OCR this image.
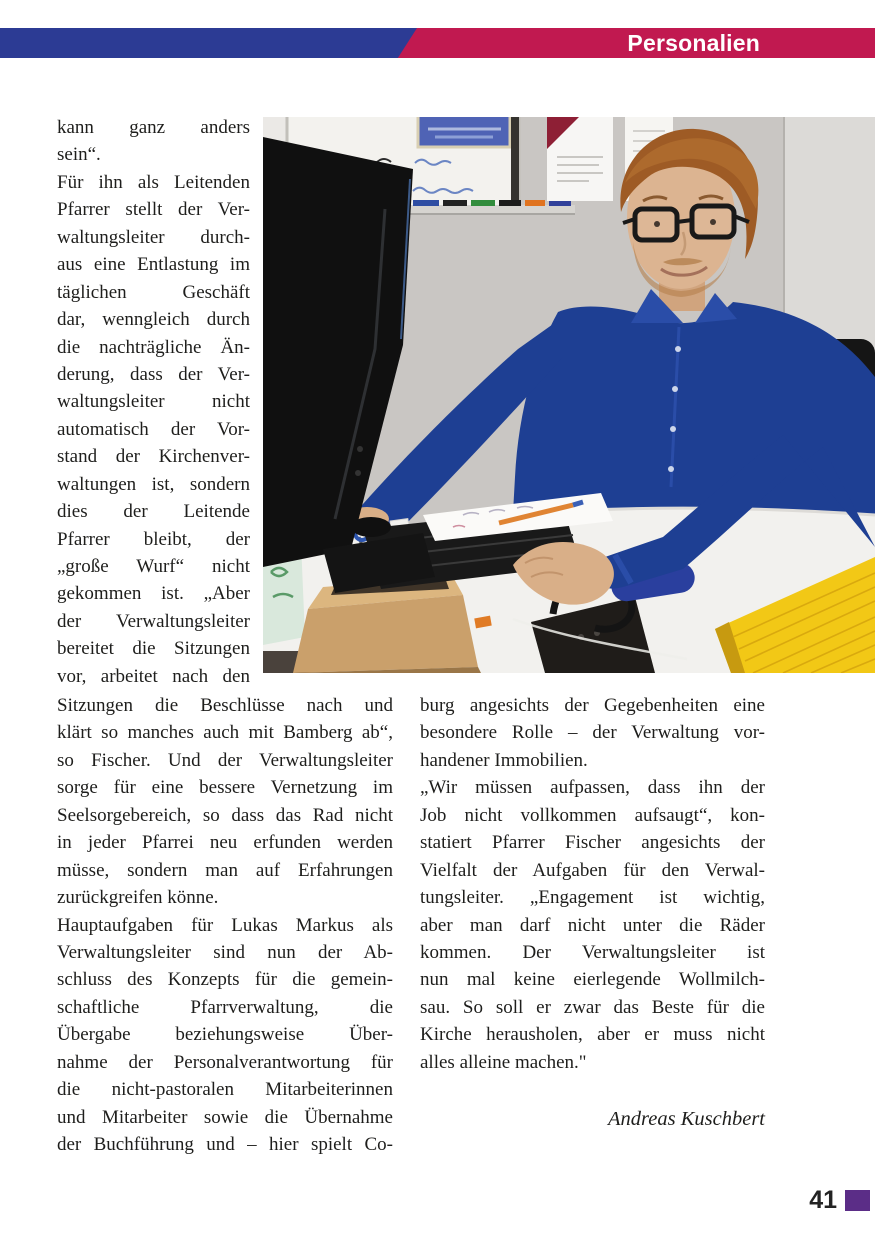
Personalien
kann ganz anders
sein“.
Für ihn als Leitenden
Pfarrer stellt der Ver-
waltungsleiter durch-
aus eine Entlastung im
täglichen Geschäft
dar, wenngleich durch
die nachträgliche Än-
derung, dass der Ver-
waltungsleiter nicht
automatisch der Vor-
stand der Kirchenver-
waltungen ist, sondern
dies der Leitende
Pfarrer bleibt, der
„große Wurf“ nicht
gekommen ist. „Aber
der Verwaltungsleiter
bereitet die Sitzungen
vor, arbeitet nach den
Sitzungen die Beschlüsse nach und
klärt so manches auch mit Bamberg ab“,
so Fischer. Und der Verwaltungsleiter
sorge für eine bessere Vernetzung im
Seelsorgebereich, so dass das Rad nicht
in jeder Pfarrei neu erfunden werden
müsse, sondern man auf Erfahrungen
zurückgreifen könne.
Hauptaufgaben für Lukas Markus als
Verwaltungsleiter sind nun der Ab-
schluss des Konzepts für die gemein-
schaftliche Pfarrverwaltung, die
Übergabe beziehungsweise Über-
nahme der Personalverantwortung für
die nicht-pastoralen Mitarbeiterinnen
und Mitarbeiter sowie die Übernahme
der Buchführung und – hier spielt Co-
burg angesichts der Gegebenheiten eine
besondere Rolle – der Verwaltung vor-
handener Immobilien.
„Wir müssen aufpassen, dass ihn der
Job nicht vollkommen aufsaugt“, kon-
statiert Pfarrer Fischer angesichts der
Vielfalt der Aufgaben für den Verwal-
tungsleiter. „Engagement ist wichtig,
aber man darf nicht unter die Räder
kommen. Der Verwaltungsleiter ist
nun mal keine eierlegende Wollmilch-
sau. So soll er zwar das Beste für die
Kirche herausholen, aber er muss nicht
alles alleine machen."
Andreas Kuschbert
41
